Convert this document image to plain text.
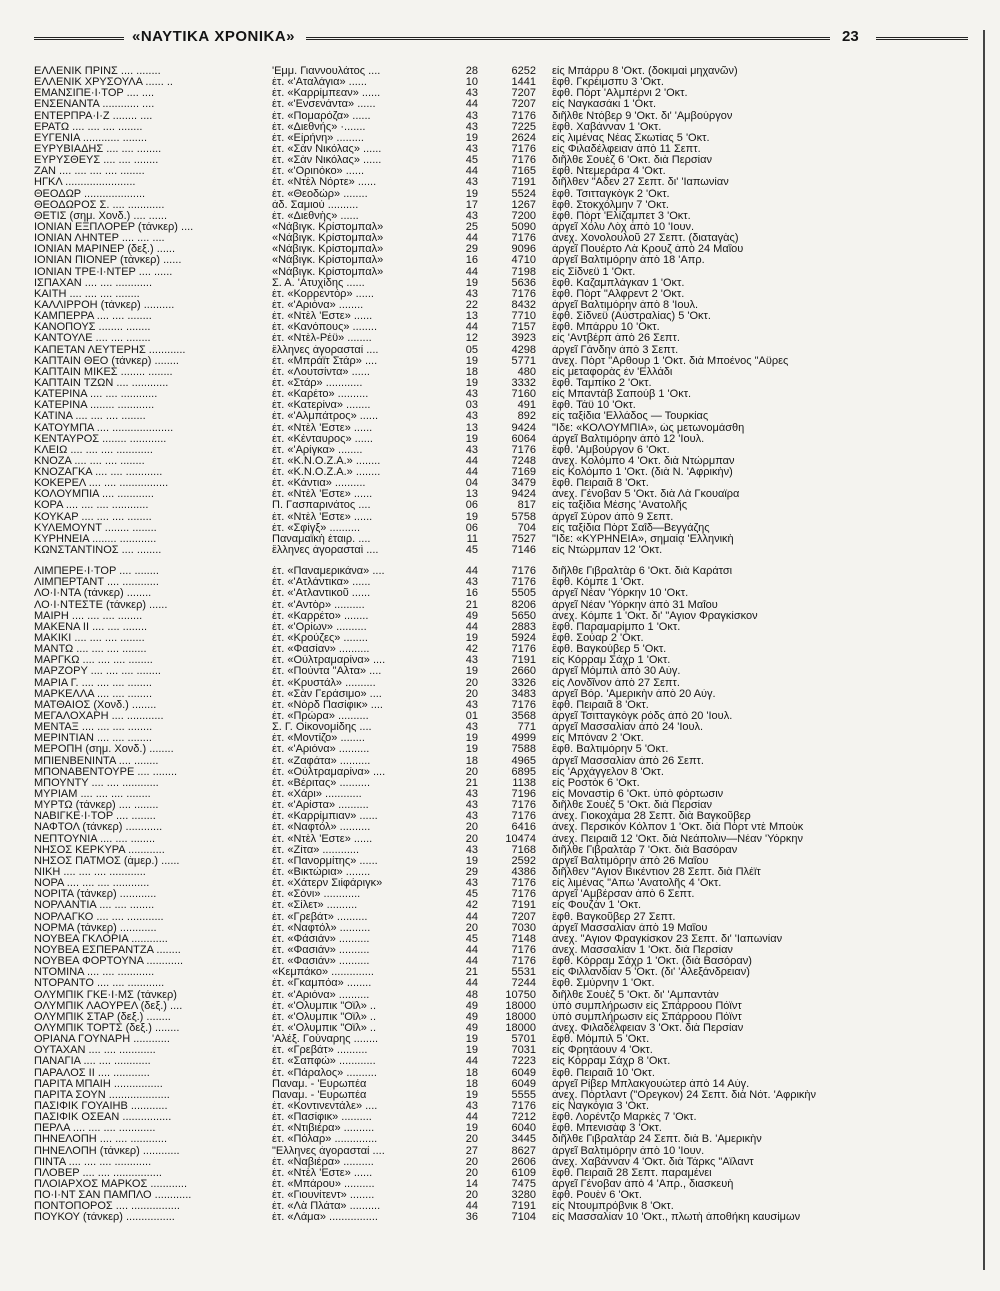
«ΝΑΥΤΙΚΑ ΧΡΟΝΙΚΑ»	23
ΕΛΛΕΝΙΚ ΠΡΙΝΣ .... ........	'Εμμ. Γιαννουλάτος ....	28	6252 εἰς Μπάρρυ 8 'Οκτ. (δοκιμαὶ μηχανῶν)
ΕΛΛΕΝΙΚ ΧΡΥΣΟΥΛΑ ...... ..	ἑτ. «'Αταλάγια» ......	10	1441 ἔφθ. Γκρέιμσπυ 3 'Οκτ.
ΕΜΑΝΣΙΠΕ·Ι·ΤΟΡ .... ....	ἑτ. «Καρρίμπεαν» ......	43	7207 ἔφθ. Πὸρτ 'Αλμπέρνι 2 'Οκτ.
ΕΝΣΕΝΑΝΤΑ ............ ....	ἑτ. «'Ενσενάντα» ......	44	7207 εἰς Ναγκασάκι 1 'Οκτ.
ΕΝΤΕΡΠΡΑ·Ι·Ζ ........ ....	ἑτ. «Πομαρόζα» ......	43	7176 διῆλθε Ντόβερ 9 'Οκτ. δι' 'Αμβούργον
ΕΡΑΤΩ .... .... .... ........	ἑτ. «Διεθνής» ·.......	43	7225 ἔφθ. Χαβάνναν 1 'Οκτ.
ΕΥΓΕΝΙΑ ............ ........	ἑτ. «Εἰρήνη» .........	19	2624 εἰς λιμένας Νέας Σκωτίας 5 'Οκτ.
ΕΥΡΥΒΙΑΔΗΣ .... .... ........	ἑτ. «Σὰν Νικόλας» ......	43	7176 εἰς Φιλαδέλφειαν ἀπὸ 11 Σεπτ.
ΕΥΡΥΣΘΕΥΣ .... .... ........	ἑτ. «Σὰν Νικόλας» ......	45	7176 διῆλθε Σουὲζ 6 'Οκτ. διὰ Περσίαν
ΖΑΝ .... .... .... .... ........	ἑτ. «'Οριnόκο» ......	44	7165 ἔφθ. Ντεμεράρα 4 'Οκτ.
ΗΓΚΛ .......................	ἑτ. «Ντὲλ Νόρτε» ......	43	7191 διῆλθεν "Αδεν 27 Σεπτ. δι' 'Ιαπωνίαν
ΘΕΟΔΩΡ ....................	ἑτ. «Θεοδώρ» ........	19	5524 ἔφθ. Τσιτταγκὸγκ 2 'Οκτ.
ΘΕΟΔΩΡΟΣ Σ. .... ............	ἀδ. Σαμιού ..........	17	1267 ἔφθ. Στοκχόλμην 7 'Οκτ.
ΘΕΤΙΣ (σημ. Χονδ.) .... ......	ἑτ. «Διεθνὴς» ......	43	7200 ἔφθ. Πὸρτ 'Ελίζαμπετ 3 'Οκτ.
ΙΟΝΙΑΝ ΕΞΠΛΟΡΕΡ (τάνκερ) ....	«Νάβιγκ. Κρίστομπαλ»	25	5090 ἀργεῖ Χόλυ Λὸχ ἀπὸ 10 'Ιουν.
ΙΟΝΙΑΝ ΛΗΝΤΕΡ .... .... ....	«Νάβιγκ. Κρίστομπαλ»	44	7176 ἀνεχ. Χονολουλοῦ 27 Σεπτ. (διαταγὰς)
ΙΟΝΙΑΝ ΜΑΡΙΝΕΡ (δεξ.) ......	«Νάβιγκ. Κρίστομπαλ»	29	9096 ἀργεῖ Πουέρτο Λὰ Κρουζ ἀπὸ 24 Μαΐου
ΙΟΝΙΑΝ ΠΙΟΝΕΡ (τάνκερ) ......	«Νάβιγκ. Κρίστομπαλ»	16	4710 ἀργεῖ Βαλτιμόρην ἀπὸ 18 'Απρ.
ΙΟΝΙΑΝ ΤΡΕ·Ι·ΝΤΕΡ .... ......	«Νάβιγκ. Κρίστομπαλ»	44	7198 εἰς Σίδνεϋ 1 'Οκτ.
ΙΣΠΑΧΑΝ .... .... ............	Σ. Α. 'Ατυχίδης ......	19	5636 ἔφθ. Καζαμπλάγκαν 1 'Οκτ.
ΚΑΙΤΗ .... .... .... ........	ἑτ. «Κορρεντόρ» ......	43	7176 ἔφθ. Πὸρτ "Αλφρεντ 2 'Οκτ.
ΚΑΛΛΙΡΡΟΗ (τάνκερ) ..........	ἑτ. «'Αριόνα» ........	22	8432 ἀργεῖ Βαλτιμόρην ἀπὸ 8 'Ιουλ.
ΚΑΜΠΕΡΡΑ .... .... ........	ἑτ. «Ντὲλ 'Εστε» ......	13	7710 ἔφθ. Σίδνεϋ (Αὐστραλίας) 5 'Οκτ.
ΚΑΝΟΠΟΥΣ ........ ........	ἑτ. «Κανόπους» ........	44	7157 ἔφθ. Μπάρρυ 10 'Οκτ.
ΚΑΝΤΟΥΛΕ .... .... ........	ἑτ. «Ντὲλ-Ρέϋ» ........	12	3923 εἰς 'Αντβέρπ ἀπὸ 26 Σεπτ.
ΚΑΠΕΤΑΝ ΛΕΥΤΕΡΗΣ ............	ἕλληνες ἀγορασταί ....	05	4298 ἀργεῖ Γάνδην ἀπὸ 3 Σεπτ.
ΚΑΠΤΑΙΝ ΘΕΟ (τάνκερ) ........	ἑτ. «Μπράϊτ Στάρ» ....	19	5771 ἀνεχ. Πὸρτ "Αρθουρ 1 'Οκτ. διὰ Μποένος "Αϋρες
ΚΑΠΤΑΙΝ ΜΙΚΕΣ ........ ........	ἑτ. «Λουτσίντα» ......	18	480 εἰς μεταφορὰς ἐν 'Ελλάδι
ΚΑΠΤΑΙΝ ΤΖΩΝ .... ............	ἑτ. «Στάρ» ............	19	3332 ἔφθ. Ταμπίκο 2 'Οκτ.
ΚΑΤΕΡΙΝΑ .... .... ............	ἑτ. «Καρέτο» ..........	43	7160 εἰς Μπαντὰβ Σαπούβ 1 'Οκτ.
ΚΑΤΕΡΙΝΑ ........ ............	ἑτ. «Κατερίνα» ........	03	491 ἔφθ. Τάϋ 10 'Οκτ.
ΚΑΤΙΝΑ .... .... .... ........	ἑτ. «'Αλμπάτρος» ......	43	892 εἰς ταξίδια 'Ελλάδος — Τουρκίας
ΚΑΤΟΥΜΠΑ .... ....................	ἑτ. «Ντὲλ 'Εστε» ......	13	9424 "Ιδε: «ΚΟΛΟΥΜΠΙΑ», ὡς μετωνομάσθη
ΚΕΝΤΑΥΡΟΣ ........ ............	ἑτ. «Κένταυρος» ......	19	6064 ἀργεῖ Βαλτιμόρην ἀπὸ 12 'Ιουλ.
ΚΛΕΙΩ .... .... .... ............	ἑτ. «'Αρίγκα» ........	43	7176 ἔφθ. 'Αμβούργον 6 'Οκτ.
ΚΝΟΖΑ .... .... .... ........	ἑτ. «Κ.Ν.Ο.Ζ.Α.» ........	44	7248 ἀνεχ. Κολόμπο 4 'Οκτ. διὰ Ντώρμπαν
ΚΝΟΖΑΓΚΑ .... .... ............	ἑτ. «Κ.Ν.Ο.Ζ.Α.» ........	44	7169 εἰς Κολόμπο 1 'Οκτ. (διὰ Ν. 'Αφρικὴν)
ΚΟΚΕΡΕΛ .... .... ................	ἑτ. «Κάντια» ..........	04	3479 ἔφθ. Πειραιᾶ 8 'Οκτ.
ΚΟΛΟΥΜΠΙΑ .... ............	ἑτ. «Ντὲλ 'Εστε» ......	13	9424 ἀνεχ. Γένοβαν 5 'Οκτ. διὰ Λὰ Γκουαϊρα
ΚΟΡΑ .... .... .... ............	Π. Γασπαρινάτος ....	06	817 εἰς ταξίδια Μέσης 'Ανατολῆς
ΚΟΥΚΑΡ .... .... .... ........	ἑτ. «Ντὲλ 'Εστε» ......	19	5758 ἀργεῖ Σύρον ἀπὸ 9 Σεπτ.
ΚΥΛΕΜΟΥΝΤ ........ ........	ἑτ. «Σφίγξ» ..........	06	704 εἰς ταξίδια Πὸρτ Σαΐδ—Βεγγάζης
ΚΥΡΗΝΕΙΑ ........ ............	Παναμαϊκὴ ἑταιρ. ....	11	7527 "Ιδε: «ΚΥΡΗΝΕΙΑ», σημαίᾳ 'Ελληνικὴ
ΚΩΝΣΤΑΝΤΙΝΟΣ .... ........	ἕλληνες ἀγορασταὶ ....	45	7146 εἰς Ντώρμπαν 12 'Οκτ.
ΛΙΜΠΕΡΕ·Ι·ΤΟΡ .... ........	ἑτ. «Παναμερικάνα» ....	44	7176 διῆλθε Γιβραλτὰρ 6 'Οκτ. διὰ Καράτσι
ΛΙΜΠΕΡΤΑΝΤ .... ............	ἑτ. «'Ατλάντικα» ......	43	7176 ἔφθ. Κόμπε 1 'Οκτ.
ΛΟ·Ι·ΝΤΑ (τάνκερ) ........	ἑτ. «'Ατλαντικοῦ ......	16	5505 ἀργεῖ Νέαν 'Υόρκην 10 'Οκτ.
ΛΟ·Ι·ΝΤΕΣΤΕ (τάνκερ) ......	ἑτ. «'Αντὸρ» ..........	21	8206 ἀργεῖ Νέαν 'Υόρκην ἀπὸ 31 Μαΐου
ΜΑΙΡΗ .... .... .... ........	ἑτ. «Καρρέτο» ........	49	5650 ἀνεχ. Κόμπε 1 'Οκτ. δι' "Αγιον Φραγκίσκον
ΜΑΚΕΝΑ ΙΙ .... .... ........	ἑτ. «'Ορίων» ..........	44	2883 ἔφθ. Παραμαρίμπο 1 'Οκτ.
ΜΑΚΙΚΙ .... .... .... ........	ἑτ. «Κρούζες» ........	19	5924 ἔφθ. Σούαρ 2 'Οκτ.
ΜΑΝΤΩ .... .... .... ........	ἑτ. «Φασίαν» ..........	42	7176 ἔφθ. Βαγκούβερ 5 'Οκτ.
ΜΑΡΓΚΩ .... .... .... ........	ἑτ. «Οὐλτραμαρίνα» ....	43	7191 εἰς Κόρραμ Σάχρ 1 'Οκτ.
ΜΑΡΖΟΡΥ .... .... .... ........	ἑτ. «Πούντα "Αλτα» ....	19	2660 ἀργεῖ Μόμπιλ ἀπὸ 30 Αὐγ.
ΜΑΡΙΑ Γ. .... .... .... ........	ἑτ. «Κρυστάλ» ..........	20	3326 εἰς Λονδῖνον ἀπὸ 27 Σεπτ.
ΜΑΡΚΕΛΛΑ .... .... ........	ἑτ. «Σὰν Γεράσιμο» ....	20	3483 ἀργεῖ Βόρ. 'Αμερικὴν ἀπὸ 20 Αὐγ.
ΜΑΤΘΑΙΟΣ (Χονδ.) ........	ἑτ. «Νὸρδ Πασίφικ» ....	43	7176 ἔφθ. Πειραιᾶ 8 'Οκτ.
ΜΕΓΑΛΟΧΑΡΗ .... ............	ἑτ. «Πρώρα» ..........	01	3568 ἀργεῖ Τσιτταγκὸγκ ρόδς ἀπὸ 20 'Ιουλ.
ΜΕΝΤΑΞ .... .... .... ........	Σ. Γ. Οἰκονομίδης ....	43	771 ἀργεῖ Μασσαλίαν ἀπὸ 24 'Ιουλ.
ΜΕΡΙΝΤΙΑΝ .... .... ........	ἑτ. «Μοντίζο» ........	19	4999 εἰς Μπόναν 2 'Οκτ.
ΜΕΡΟΠΗ (σημ. Χονδ.) ........	ἑτ. «'Αριόνα» ..........	19	7588 ἔφθ. Βαλτιμόρην 5 'Οκτ.
ΜΠΙΕΝΒΕΝΙΝΤΑ .... ........	ἑτ. «Ζαφάτα» ..........	18	4965 ἀργεῖ Μασσαλίαν ἀπὸ 26 Σεπτ.
ΜΠΟΝΑΒΕΝΤΟΥΡΕ .... ........	ἑτ. «Οὐλτραμαρίνα» ....	20	6895 εἰς 'Αρχάγγελον 8 'Οκτ.
ΜΠΟΥΝΤΥ .... .... ............	ἑτ. «Βέριτας» ..........	21	1138 εἰς Ροστὸκ 6 'Οκτ.
ΜΥΡΙΑΜ .... .... .... ........	ἑτ. «Χάρι» ............	43	7196 εἰς Μοναστὶρ 6 'Οκτ. ὑπὸ φόρτωσιν
ΜΥΡΤΩ (τάνκερ) .... ........	ἑτ. «'Αρίστα» ..........	43	7176 διῆλθε Σουὲζ 5 'Οκτ. διὰ Περσίαν
ΝΑΒΙΓΚΕ·Ι·ΤΟΡ .... ........	ἑτ. «Καρρίμπιαν» ......	43	7176 ἀνεχ. Γιοκοχάμα 28 Σεπτ. διὰ Βαγκοῦβερ
ΝΑΦΤΟΛ (τάνκερ) ............	ἑτ. «Ναφτόλ» ..........	20	6416 ἀνεχ. Περσικὸν Κόλπον 1 'Οκτ. διὰ Πὸρτ ντὲ Μποὺκ
ΝΕΠΤΟΥΝΙΑ .... .... ........	ἑτ. «Ντὲλ 'Εστε» ......	20	10474 ἀνεχ. Πειραιᾶ 12 'Οκτ. διὰ Νεάπολιν—Νέαν 'Υόρκην
ΝΗΣΟΣ ΚΕΡΚΥΡΑ ............	ἑτ. «Ζίτα» ............	43	7168 διῆλθε Γιβραλτὰρ 7 'Οκτ. διὰ Βασόραν
ΝΗΣΟΣ ΠΑΤΜΟΣ (ἀμερ.) ......	ἑτ. «Πανορμίτης» ......	19	2592 ἀργεῖ Βαλτιμόρην ἀπὸ 26 Μαΐου
ΝΙΚΗ .... .... .... ............	ἑτ. «Βικτώρια» ........	29	4386 διῆλθεν "Αγιον Βικέντιον 28 Σεπτ. διὰ Πλέϊτ
ΝΟΡΑ .... .... .... ............	ἑτ. «Χάτερν Σιίφάριγκ»	43	7176 εἰς λιμένας "Απω 'Ανατολῆς 4 'Οκτ.
ΝΟΡΙΤΑ (τάνκερ) ............	ἑτ. «Σὸνι» ............	45	7176 ἀργεῖ 'Αμβέρσαν ἀπὸ 6 Σεπτ.
ΝΟΡΛΑΝΤΙΑ .... .... ........	ἑτ. «Σίλετ» ..........	42	7191 εἰς Φουζὰν 1 'Οκτ.
ΝΟΡΛΑΓΚΟ .... .... ............	ἑτ. «Γρεβάτ» ..........	44	7207 ἔφθ. Βαγκοῦβερ 27 Σεπτ.
ΝΟΡΜΑ (τάνκερ) ............	ἑτ. «Ναφτόλ» ..........	20	7030 ἀργεῖ Μασσαλίαν ἀπὸ 19 Μαΐου
ΝΟΥΒΕΑ ΓΚΛΟΡΙΑ ............	ἑτ. «Φάσιάν» ..........	45	7148 ἀνεχ. "Αγιον Φραγκίσκον 23 Σεπτ. δι' 'Ιαπωνίαν
ΝΟΥΒΕΑ ΕΣΠΕΡΑΝΤΖΑ ........	ἑτ. «Φασιάν» ..........	44	7176 ἀνεχ. Μασσαλίαν 1 'Οκτ. διὰ Περσίαν
ΝΟΥΒΕΑ ΦΟΡΤΟΥΝΑ ............	ἑτ. «Φασιάν» ..........	44	7176 ἔφθ. Κόρραμ Σάχρ 1 'Οκτ. (διὰ Βασόραν)
ΝΤΟΜΙΝΑ .... .... ............	«Κεμπάκο» ..............	21	5531 εἰς Φιλλανδίαν 5 'Οκτ. (δι' 'Αλεξάνδρειαν)
ΝΤΟΡΑΝΤΟ .... .... ............	ἑτ. «Γκαμπόα» ........	44	7244 ἔφθ. Σμύρνην 1 'Οκτ.
ΟΛΥΜΠΙΚ ΓΚΕ·Ι·ΜΣ (τάνκερ)	ἑτ. «'Αριόνα» ..........	48	10750 διῆλθε Σουὲζ 5 'Οκτ. δι' 'Αμπαντὰν
ΟΛΥΜΠΙΚ ΛΑΟΥΡΕΛ (δεξ.) ....	ἑτ. «'Ολυμπικ "Οϊλ» ..	49	18000 ὑπὸ συμπλήρωσιν εἰς Σπάρροου Πόϊντ
ΟΛΥΜΠΙΚ ΣΤΑΡ (δεξ.) ........	ἑτ. «'Ολυμπικ "Οϊλ» ..	49	18000 ὑπὸ συμπλήρωσιν εἰς Σπάρροου Πόϊντ
ΟΛΥΜΠΙΚ ΤΟΡΤΣ (δεξ.) ........	ἑτ. «'Ολυμπικ "Οϊλ» ..	49	18000 ἀνεχ. Φιλαδέλφειαν 3 'Οκτ. διὰ Περσίαν
ΟΡΙΑΝΑ ΓΟΥΝΑΡΗ ............	'Αλέξ. Γούναρης ........	19	5701 ἔφθ. Μόμπιλ 5 'Οκτ.
ΟΥΤΑΧΑΝ .... .... ............	ἑτ. «Γρεβάτ» ..........	19	7031 εἰς Φρητάουν 4 'Οκτ.
ΠΑΝΑΓΙΑ .... .... ............	ἑτ. «Σαπφώ» ............	44	7223 εἰς Κόρραμ Σάχρ 8 'Οκτ.
ΠΑΡΑΛΟΣ ΙΙ .... ............	ἑτ. «Πάραλος» ..........	18	6049 ἔφθ. Πειραιᾶ 10 'Οκτ.
ΠΑΡΙΤΑ ΜΠΑΙΗ ................	Παναμ. - 'Ευρωπέα	18	6049 ἀργεῖ Ρίβερ Μπλακγουώτερ ἀπὸ 14 Αὐγ.
ΠΑΡΙΤΑ ΣΟΥΝ ....................	Παναμ. - 'Ευρωπέα	19	5555 ἀνεχ. Πόρτλαντ ("Ορεγκον) 24 Σεπτ. διὰ Νότ. 'Αφρικὴν
ΠΑΣΙΦΙΚ ΓΟΥΑΙΗΒ ............	ἑτ. «Κοντινεντάλε» ....	43	7176 εἰς Ναγκόγια 3 'Οκτ.
ΠΑΣΙΦΙΚ ΟΣΕΑΝ ................	ἑτ. «Πασίφικ» ..........	44	7212 ἔφθ. Λορέντζο Μαρκὲς 7 'Οκτ.
ΠΕΡΛΑ .... .... .... ............	ἑτ. «Ντιβιέρα» ..........	19	6040 ἔφθ. Μπενισὰφ 3 'Οκτ.
ΠΗΝΕΛΟΠΗ .... .... ............	ἑτ. «Πόλαρ» ..............	20	3445 διῆλθε Γιβραλτὰρ 24 Σεπτ. διὰ Β. 'Αμερικὴν
ΠΗΝΕΛΟΠΗ (τάνκερ) ............	"Ελληνες ἀγορασταί ....	27	8627 ἀργεῖ Βαλτιμόρην ἀπὸ 10 'Ιουν.
ΠΙΝΤΑ .... .... .... ............	ἑτ. «Ναβιέρα» ..........	20	2606 ἀνεχ. Χαβάνναν 4 'Οκτ. διὰ Τάρκς "Αϊλαντ
ΠΛΟΒΕΡ .... .... ................	ἑτ. «Ντὲλ 'Εστε» ......	20	6109 ἔφθ. Πειραιᾶ 28 Σεπτ. παραμένει
ΠΛΟΙΑΡΧΟΣ ΜΑΡΚΟΣ ............	ἑτ. «Μπάρου» ..........	14	7475 ἀργεῖ Γένοβαν ἀπὸ 4 'Απρ., διασκευὴ
ΠΟ·Ι·ΝΤ ΣΑΝ ΠΑΜΠΛΟ ............	ἑτ. «Γιουνίτεντ» ........	20	3280 ἔφθ. Ρουὲν 6 'Οκτ.
ΠΟΝΤΟΠΟΡΟΣ .... ................	ἑτ. «Λὰ Πλάτα» ..........	44	7191 εἰς Ντουμπρόβνικ 8 'Οκτ.
ΠΟΥΚΟΥ (τάνκερ) ................	ἑτ. «Λάμα» ................	36	7104 εἰς Μασσαλίαν 10 'Οκτ., πλωτὴ ἀποθήκη καυσίμων
